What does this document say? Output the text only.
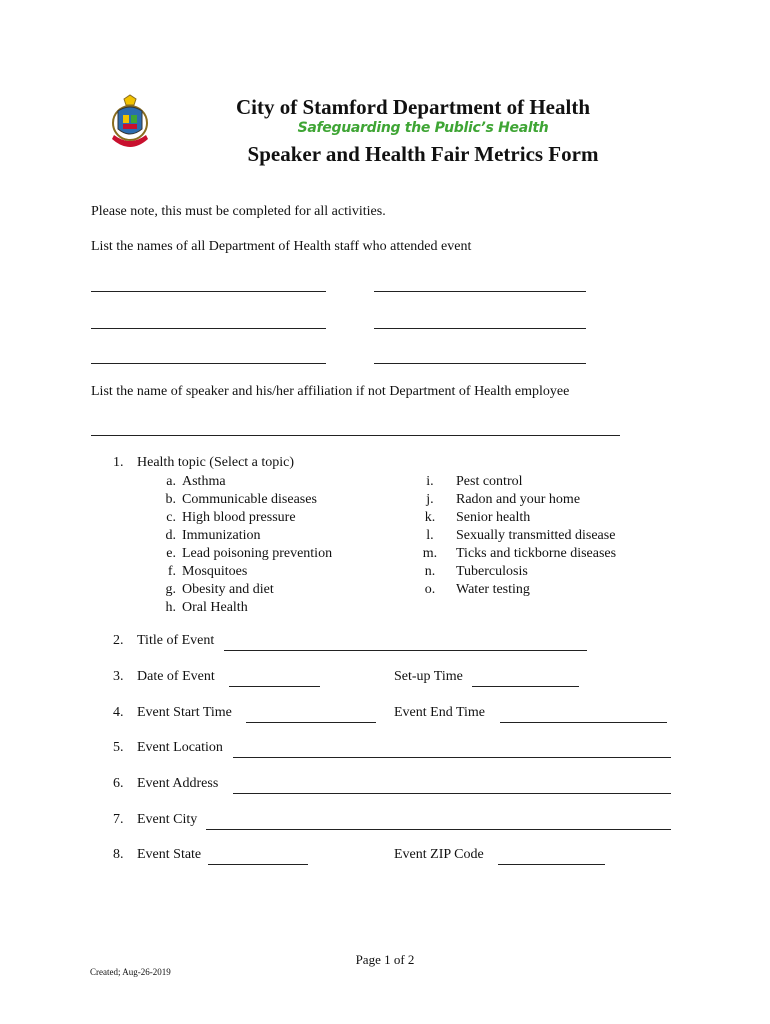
City of Stamford Department of Health
Safeguarding the Public’s Health
Speaker and Health Fair Metrics Form
Please note, this must be completed for all activities.
List the names of all Department of Health staff who attended event
List the name of speaker and his/her affiliation if not Department of Health employee
1. Health topic (Select a topic)
a. Asthma
b. Communicable diseases
c. High blood pressure
d. Immunization
e. Lead poisoning prevention
f. Mosquitoes
g. Obesity and diet
h. Oral Health
i. Pest control
j. Radon and your home
k. Senior health
l. Sexually transmitted disease
m. Ticks and tickborne diseases
n. Tuberculosis
o. Water testing
2. Title of Event
3. Date of Event	Set-up Time
4. Event Start Time	Event End Time
5. Event Location
6. Event Address
7. Event City
8. Event State	Event ZIP Code
Page 1 of 2
Created; Aug-26-2019
